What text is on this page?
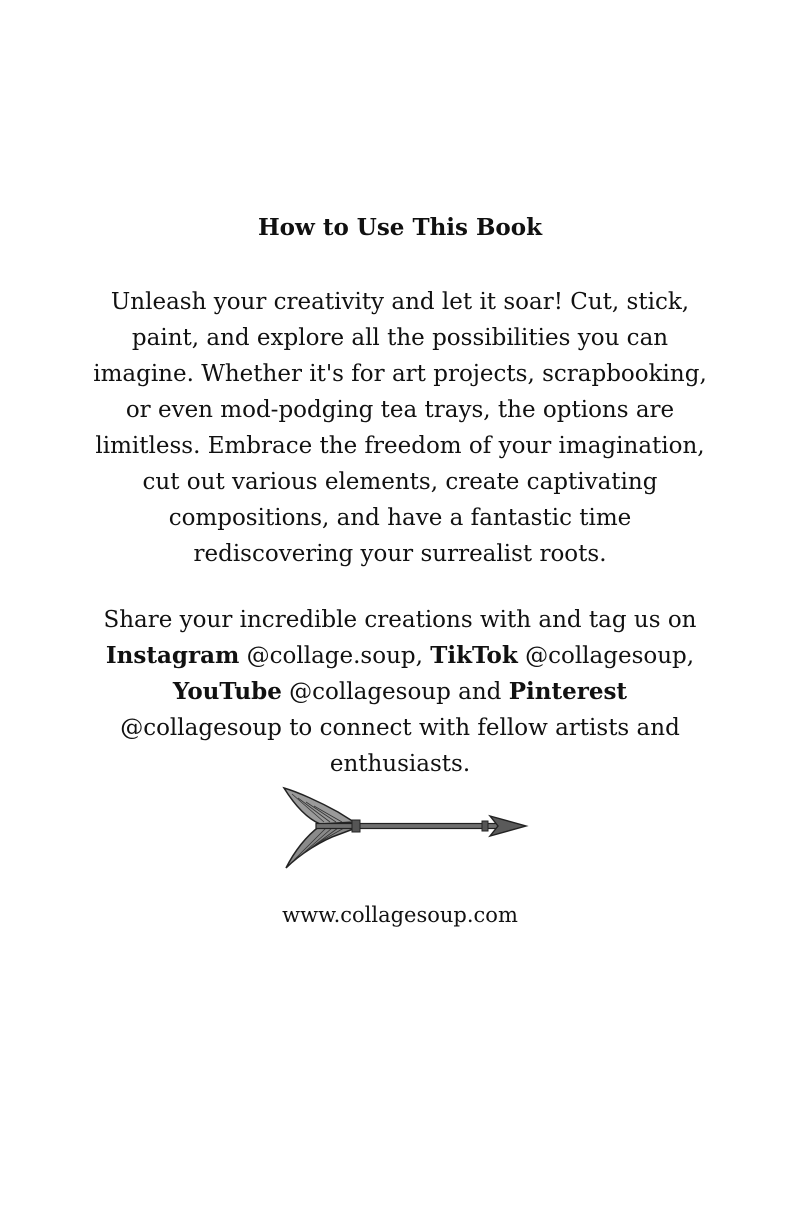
How to Use This Book
Unleash your creativity and let it soar! Cut, stick, paint, and explore all the possibilities you can imagine. Whether it's for art projects, scrapbooking, or even mod-podging tea trays, the options are limitless. Embrace the freedom of your imagination, cut out various elements, create captivating compositions, and have a fantastic time rediscovering your surrealist roots.
Share your incredible creations with and tag us on
Instagram @collage.soup, TikTok @collagesoup,
YouTube @collagesoup and Pinterest @collagesoup to connect with fellow artists and enthusiasts.
www.collagesoup.com
